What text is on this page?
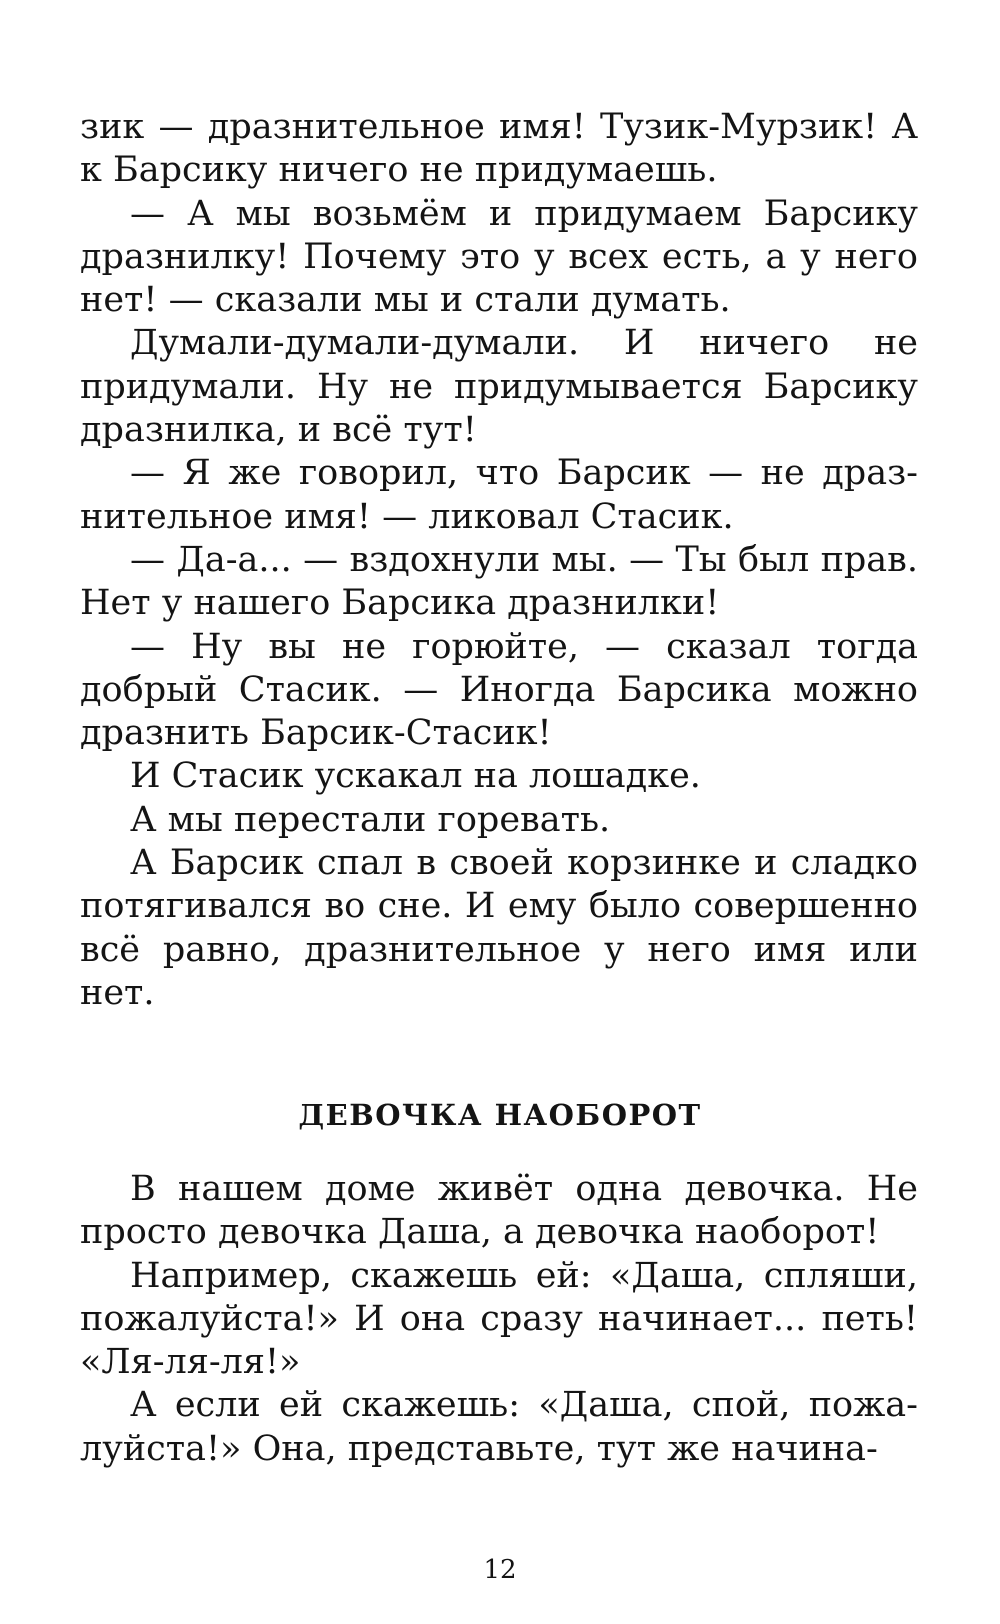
зик — дразнительное имя! Тузик-Мурзик! А к Барсику ничего не придумаешь.

— А мы возьмём и придумаем Барсику дразнилку! Почему это у всех есть, а у него нет! — сказали мы и стали думать.

Думали-думали-думали. И ничего не придумали. Ну не придумывается Барсику дразнилка, и всё тут!

— Я же говорил, что Барсик — не дразнительное имя! — ликовал Стасик.

— Да-а... — вздохнули мы. — Ты был прав. Нет у нашего Барсика дразнилки!

— Ну вы не горюйте, — сказал тогда добрый Стасик. — Иногда Барсика можно дразнить Барсик-Стасик!

И Стасик ускакал на лошадке.

А мы перестали горевать.

А Барсик спал в своей корзинке и сладко потягивался во сне. И ему было совершенно всё равно, дразнительное у него имя или нет.

ДЕВОЧКА НАОБОРОТ

В нашем доме живёт одна девочка. Не просто девочка Даша, а девочка наоборот!

Например, скажешь ей: «Даша, спляши, пожалуйста!» И она сразу начинает... петь! «Ля-ля-ля!»

А если ей скажешь: «Даша, спой, пожалуйста!» Она, представьте, тут же начина-

12
